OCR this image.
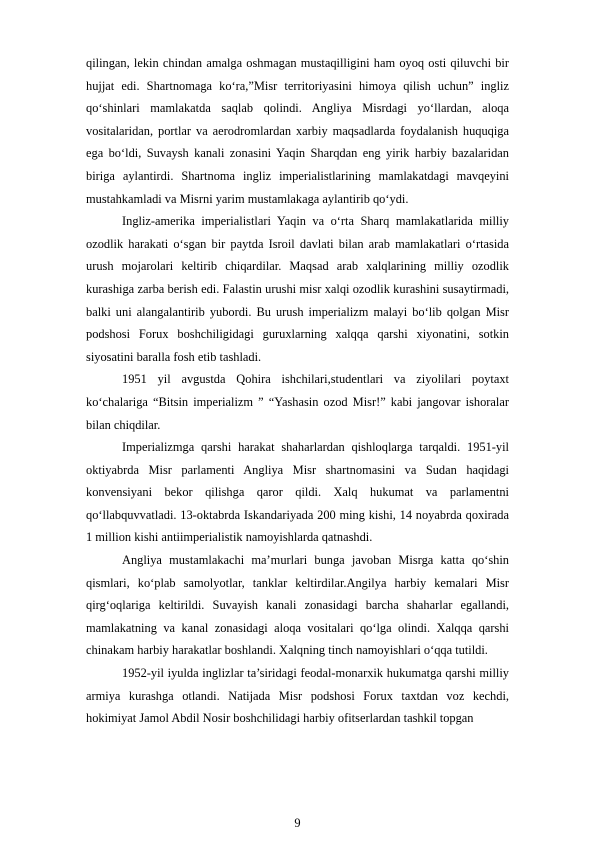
qilingan, lekin chindan amalga oshmagan mustaqilligini ham oyoq osti qiluvchi bir hujjat edi. Shartnomaga ko‘ra,”Misr territoriyasini himoya qilish uchun” ingliz qo‘shinlari mamlakatda saqlab qolindi. Angliya Misrdagi yo‘llardan, aloqa vositalaridan, portlar va aerodromlardan xarbiy maqsadlarda foydalanish huquqiga ega bo‘ldi, Suvaysh kanali zonasini Yaqin Sharqdan eng yirik harbiy bazalaridan biriga aylantirdi. Shartnoma ingliz imperialistlarining mamlakatdagi mavqeyini mustahkamladi va Misrni yarim mustamlakaga aylantirib qo‘ydi.

Ingliz-amerika imperialistlari Yaqin va o‘rta Sharq mamlakatlarida milliy ozodlik harakati o‘sgan bir paytda Isroil davlati bilan arab mamlakatlari o‘rtasida urush mojarolari keltirib chiqardilar. Maqsad arab xalqlarining milliy ozodlik kurashiga zarba berish edi. Falastin urushi misr xalqi ozodlik kurashini susaytirmadi, balki uni alangalantirib yubordi. Bu urush imperializm malayi bo‘lib qolgan Misr podshosi Forux boshchiligidagi guruxlarning xalqqa qarshi xiyonatini, sotkin siyosatini baralla fosh etib tashladi.

1951 yil avgustda Qohira ishchilari,studentlari va ziyolilari poytaxt ko‘chalariga “Bitsin imperializm ” “Yashasin ozod Misr!” kabi jangovar ishoralar bilan chiqdilar.

Imperializmga qarshi harakat shaharlardan qishloqlarga tarqaldi. 1951-yil oktiyabrda Misr parlamenti Angliya Misr shartnomasini va Sudan haqidagi konvensiyani bekor qilishga qaror qildi. Xalq hukumat va parlamentni qo‘llabquvvatladi. 13-oktabrda Iskandariyada 200 ming kishi, 14 noyabrda qoxirada 1 million kishi antiimperialistik namoyishlarda qatnashdi.

Angliya mustamlakachi ma’murlari bunga javoban Misrga katta qo‘shin qismlari, ko‘plab samolyotlar, tanklar keltirdilar.Angilya harbiy kemalari Misr qirg‘oqlariga keltirildi. Suvayish kanali zonasidagi barcha shaharlar egallandi, mamlakatning va kanal zonasidagi aloqa vositalari qo‘lga olindi. Xalqqa qarshi chinakam harbiy harakatlar boshlandi. Xalqning tinch namoyishlari o‘qqa tutildi.

1952-yil iyulda inglizlar ta’siridagi feodal-monarxik hukumatga qarshi milliy armiya kurashga otlandi. Natijada Misr podshosi Forux taxtdan voz kechdi, hokimiyat Jamol Abdil Nosir boshchilidagi harbiy ofitserlardan tashkil topgan

9
